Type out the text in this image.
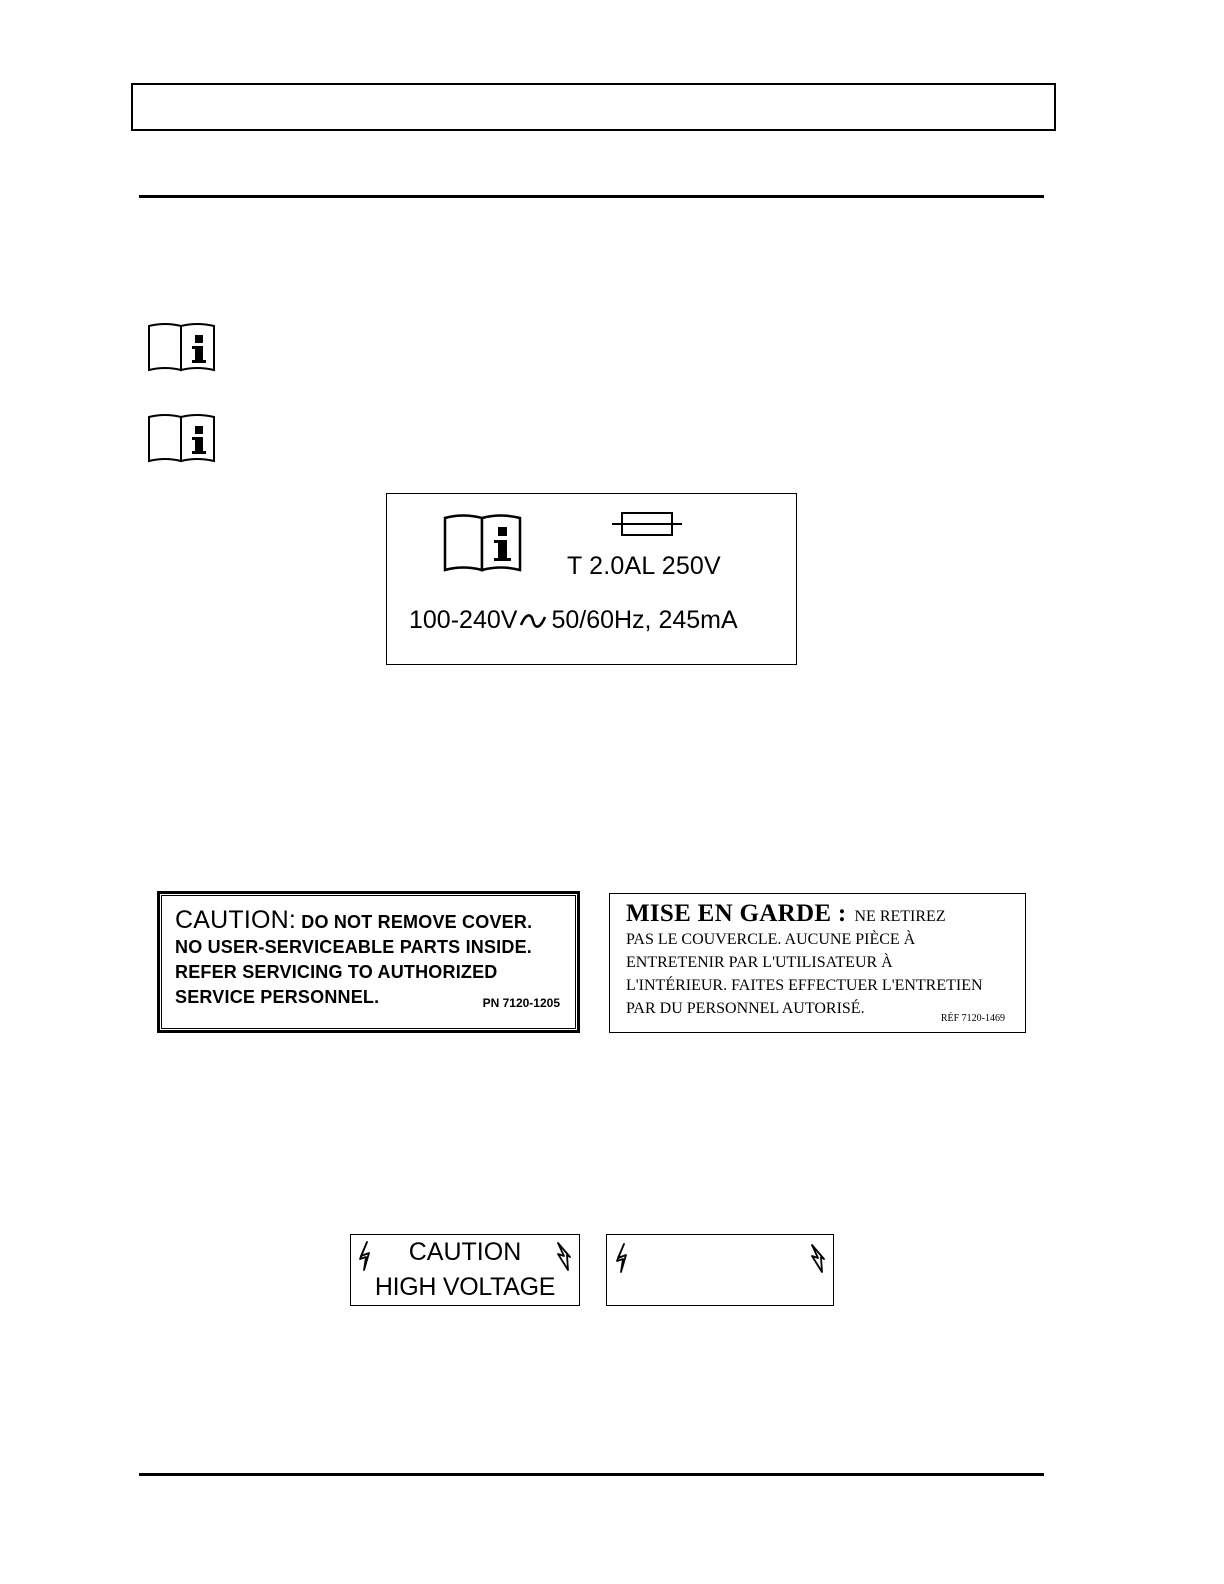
T 2.0AL 250V
100-240V 50/60Hz, 245mA
CAUTION: DO NOT REMOVE COVER.
NO USER-SERVICEABLE PARTS INSIDE.
REFER SERVICING TO AUTHORIZED
SERVICE PERSONNEL.	PN 7120-1205
MISE EN GARDE :  NE RETIREZ
PAS LE COUVERCLE. AUCUNE PIÈCE À
ENTRETENIR PAR L'UTILISATEUR À
L'INTÉRIEUR. FAITES EFFECTUER L'ENTRETIEN
PAR DU PERSONNEL AUTORISÉ.
RÉF 7120-1469
CAUTION
HIGH VOLTAGE
